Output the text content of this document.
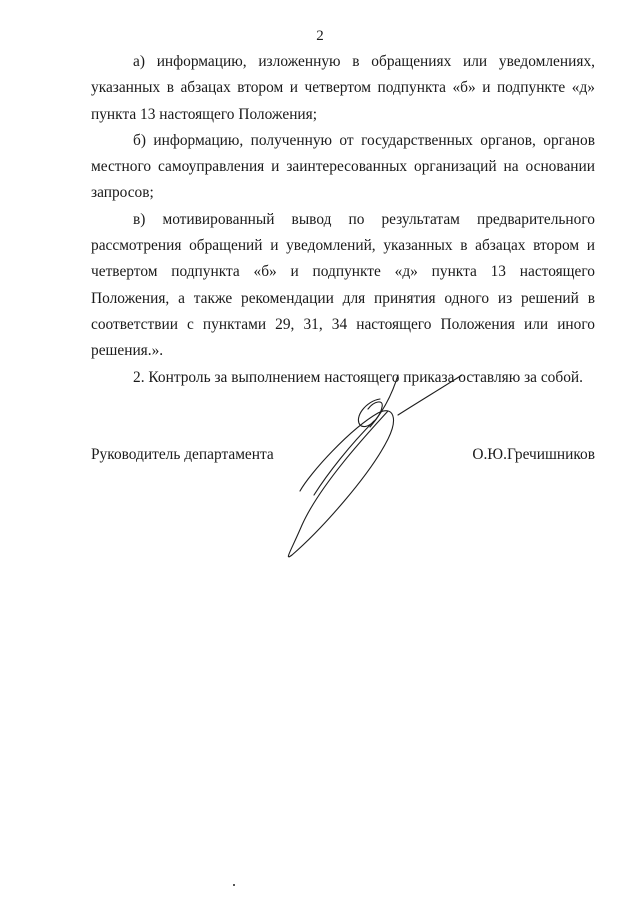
2

а) информацию, изложенную в обращениях или уведомлениях, указанных в абзацах втором и четвертом подпункта «б» и подпункте «д» пункта 13 настоящего Положения;

б) информацию, полученную от государственных органов, органов местного самоуправления и заинтересованных организаций на основании запросов;

в) мотивированный вывод по результатам предварительного рассмотрения обращений и уведомлений, указанных в абзацах втором и четвертом подпункта «б» и подпункте «д» пункта 13 настоящего Положения, а также рекомендации для принятия одного из решений в соответствии с пунктами 29, 31, 34 настоящего Положения или иного решения.».

2. Контроль за выполнением настоящего приказа оставляю за собой.

Руководитель департамента	О.Ю.Гречишников
